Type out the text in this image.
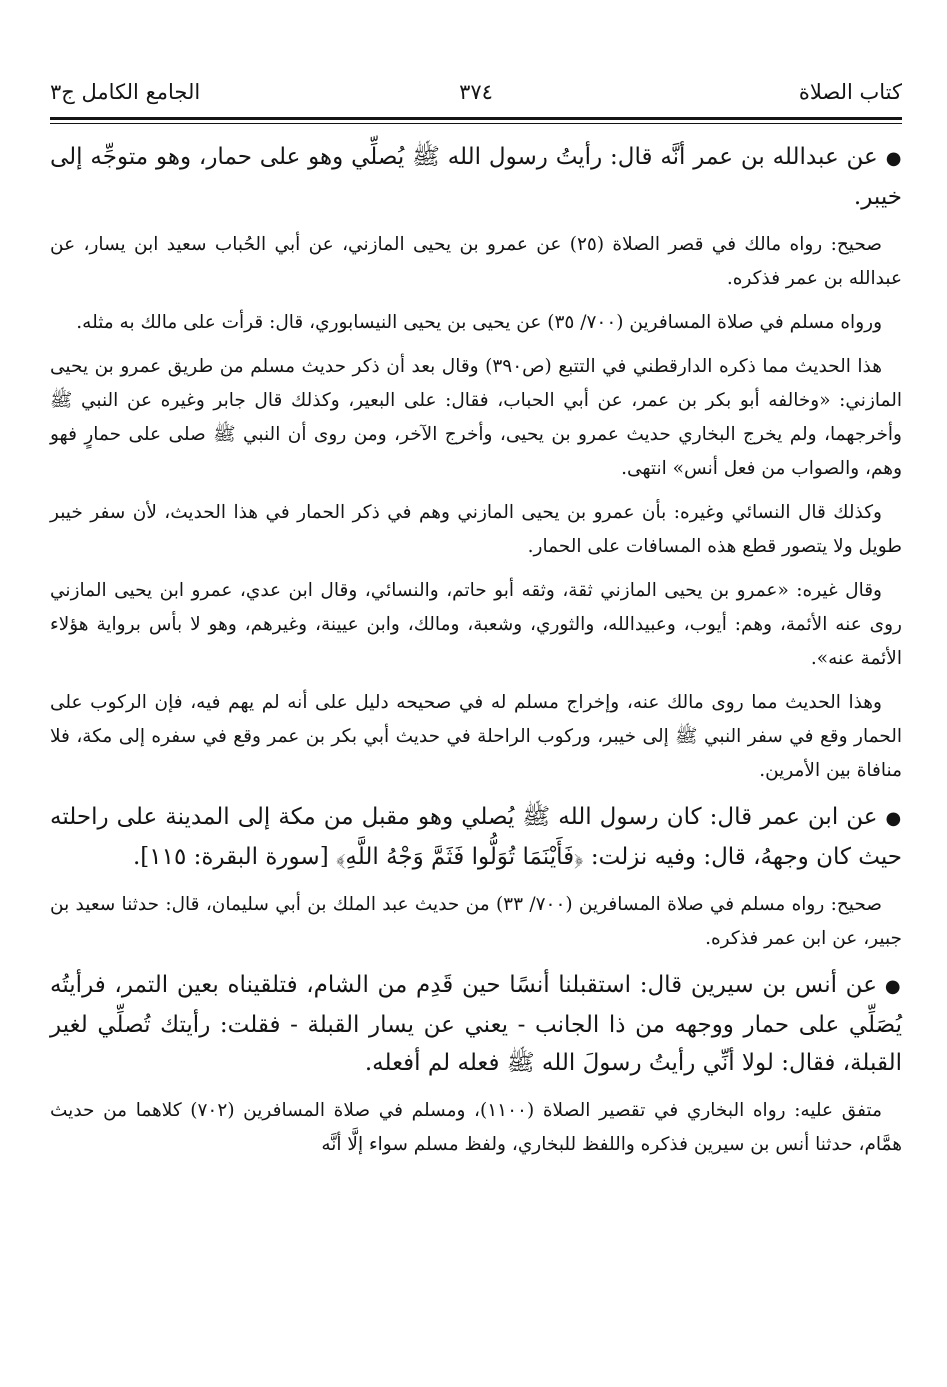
كتاب الصلاة
٣٧٤
الجامع الكامل ج٣

●عن عبدالله بن عمر أنَّه قال: رأيتُ رسول الله ﷺ يُصلِّي وهو على حمار، وهو متوجِّه إلى خيبر.

صحيح: رواه مالك في قصر الصلاة (٢٥) عن عمرو بن يحيى المازني، عن أبي الحُباب سعيد ابن يسار، عن عبدالله بن عمر فذكره.

ورواه مسلم في صلاة المسافرين (٧٠٠/ ٣٥) عن يحيى بن يحيى النيسابوري، قال: قرأت على مالك به مثله.

هذا الحديث مما ذكره الدارقطني في التتبع (ص٣٩٠) وقال بعد أن ذكر حديث مسلم من طريق عمرو بن يحيى المازني: «وخالفه أبو بكر بن عمر، عن أبي الحباب، فقال: على البعير، وكذلك قال جابر وغيره عن النبي ﷺ وأخرجهما، ولم يخرج البخاري حديث عمرو بن يحيى، وأخرج الآخر، ومن روى أن النبي ﷺ صلى على حمارٍ فهو وهم، والصواب من فعل أنس» انتهى.

وكذلك قال النسائي وغيره: بأن عمرو بن يحيى المازني وهم في ذكر الحمار في هذا الحديث، لأن سفر خيبر طويل ولا يتصور قطع هذه المسافات على الحمار.

وقال غيره: «عمرو بن يحيى المازني ثقة، وثقه أبو حاتم، والنسائي، وقال ابن عدي، عمرو ابن يحيى المازني روى عنه الأئمة، وهم: أيوب، وعبيدالله، والثوري، وشعبة، ومالك، وابن عيينة، وغيرهم، وهو لا بأس برواية هؤلاء الأئمة عنه».

وهذا الحديث مما روى مالك عنه، وإخراج مسلم له في صحيحه دليل على أنه لم يهم فيه، فإن الركوب على الحمار وقع في سفر النبي ﷺ إلى خيبر، وركوب الراحلة في حديث أبي بكر بن عمر وقع في سفره إلى مكة، فلا منافاة بين الأمرين.

●عن ابن عمر قال: كان رسول الله ﷺ يُصلي وهو مقبل من مكة إلى المدينة على راحلته حيث كان وجههُ، قال: وفيه نزلت: ﴿فَأَيْنَمَا تُوَلُّوا فَثَمَّ وَجْهُ اللَّهِ﴾ [سورة البقرة: ١١٥].

صحيح: رواه مسلم في صلاة المسافرين (٧٠٠/ ٣٣) من حديث عبد الملك بن أبي سليمان، قال: حدثنا سعيد بن جبير، عن ابن عمر فذكره.

●عن أنس بن سيرين قال: استقبلنا أنسًا حين قَدِم من الشام، فتلقيناه بعين التمر، فرأيتُه يُصَلِّي على حمار ووجهه من ذا الجانب - يعني عن يسار القبلة - فقلت: رأيتك تُصلِّي لغير القبلة، فقال: لولا أنِّي رأيتُ رسولَ الله ﷺ فعله لم أفعله.

متفق عليه: رواه البخاري في تقصير الصلاة (١١٠٠)، ومسلم في صلاة المسافرين (٧٠٢) كلاهما من حديث همَّام، حدثنا أنس بن سيرين فذكره واللفظ للبخاري، ولفظ مسلم سواء إلَّا أنَّه
